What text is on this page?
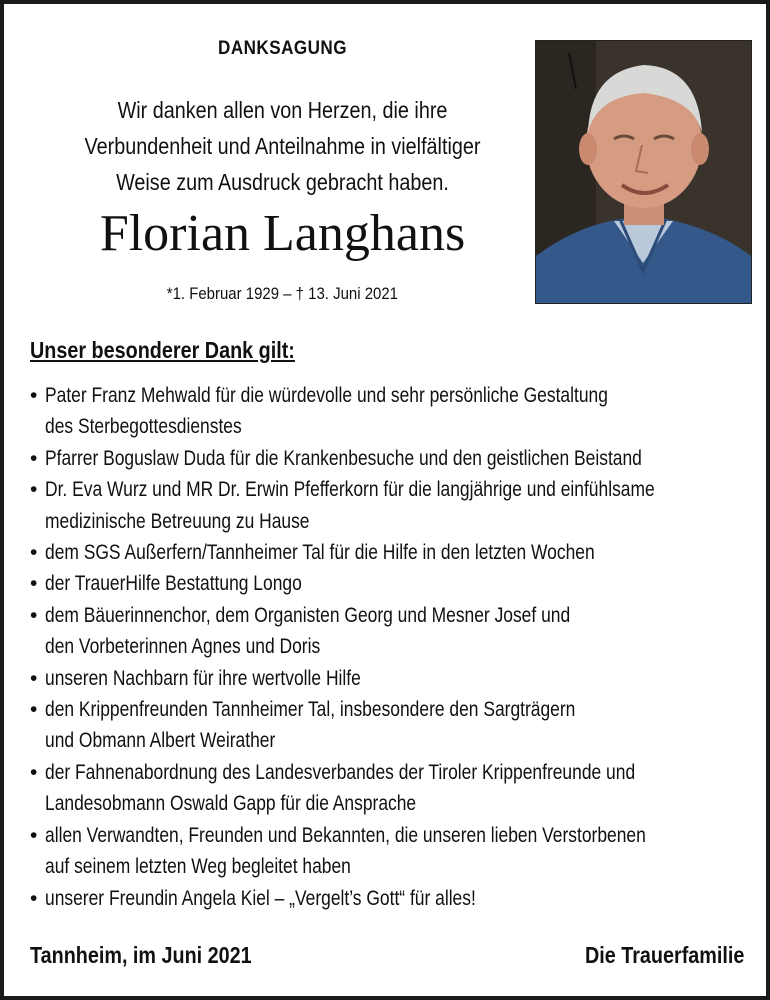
DANKSAGUNG
Wir danken allen von Herzen, die ihre
Verbundenheit und Anteilnahme in vielfältiger
Weise zum Ausdruck gebracht haben.
Florian Langhans
*1. Februar 1929 – † 13. Juni 2021
Unser besonderer Dank gilt:
• Pater Franz Mehwald für die würdevolle und sehr persönliche Gestaltung
des Sterbegottesdienstes
• Pfarrer Boguslaw Duda für die Krankenbesuche und den geistlichen Beistand
• Dr. Eva Wurz und MR Dr. Erwin Pfefferkorn für die langjährige und einfühlsame
medizinische Betreuung zu Hause
• dem SGS Außerfern/Tannheimer Tal für die Hilfe in den letzten Wochen
• der TrauerHilfe Bestattung Longo
• dem Bäuerinnenchor, dem Organisten Georg und Mesner Josef und
den Vorbeterinnen Agnes und Doris
• unseren Nachbarn für ihre wertvolle Hilfe
• den Krippenfreunden Tannheimer Tal, insbesondere den Sargträgern
und Obmann Albert Weirather
• der Fahnenabordnung des Landesverbandes der Tiroler Krippenfreunde und
Landesobmann Oswald Gapp für die Ansprache
• allen Verwandten, Freunden und Bekannten, die unseren lieben Verstorbenen
auf seinem letzten Weg begleitet haben
• unserer Freundin Angela Kiel – „Vergelt’s Gott“ für alles!
Tannheim, im Juni 2021	Die Trauerfamilie
